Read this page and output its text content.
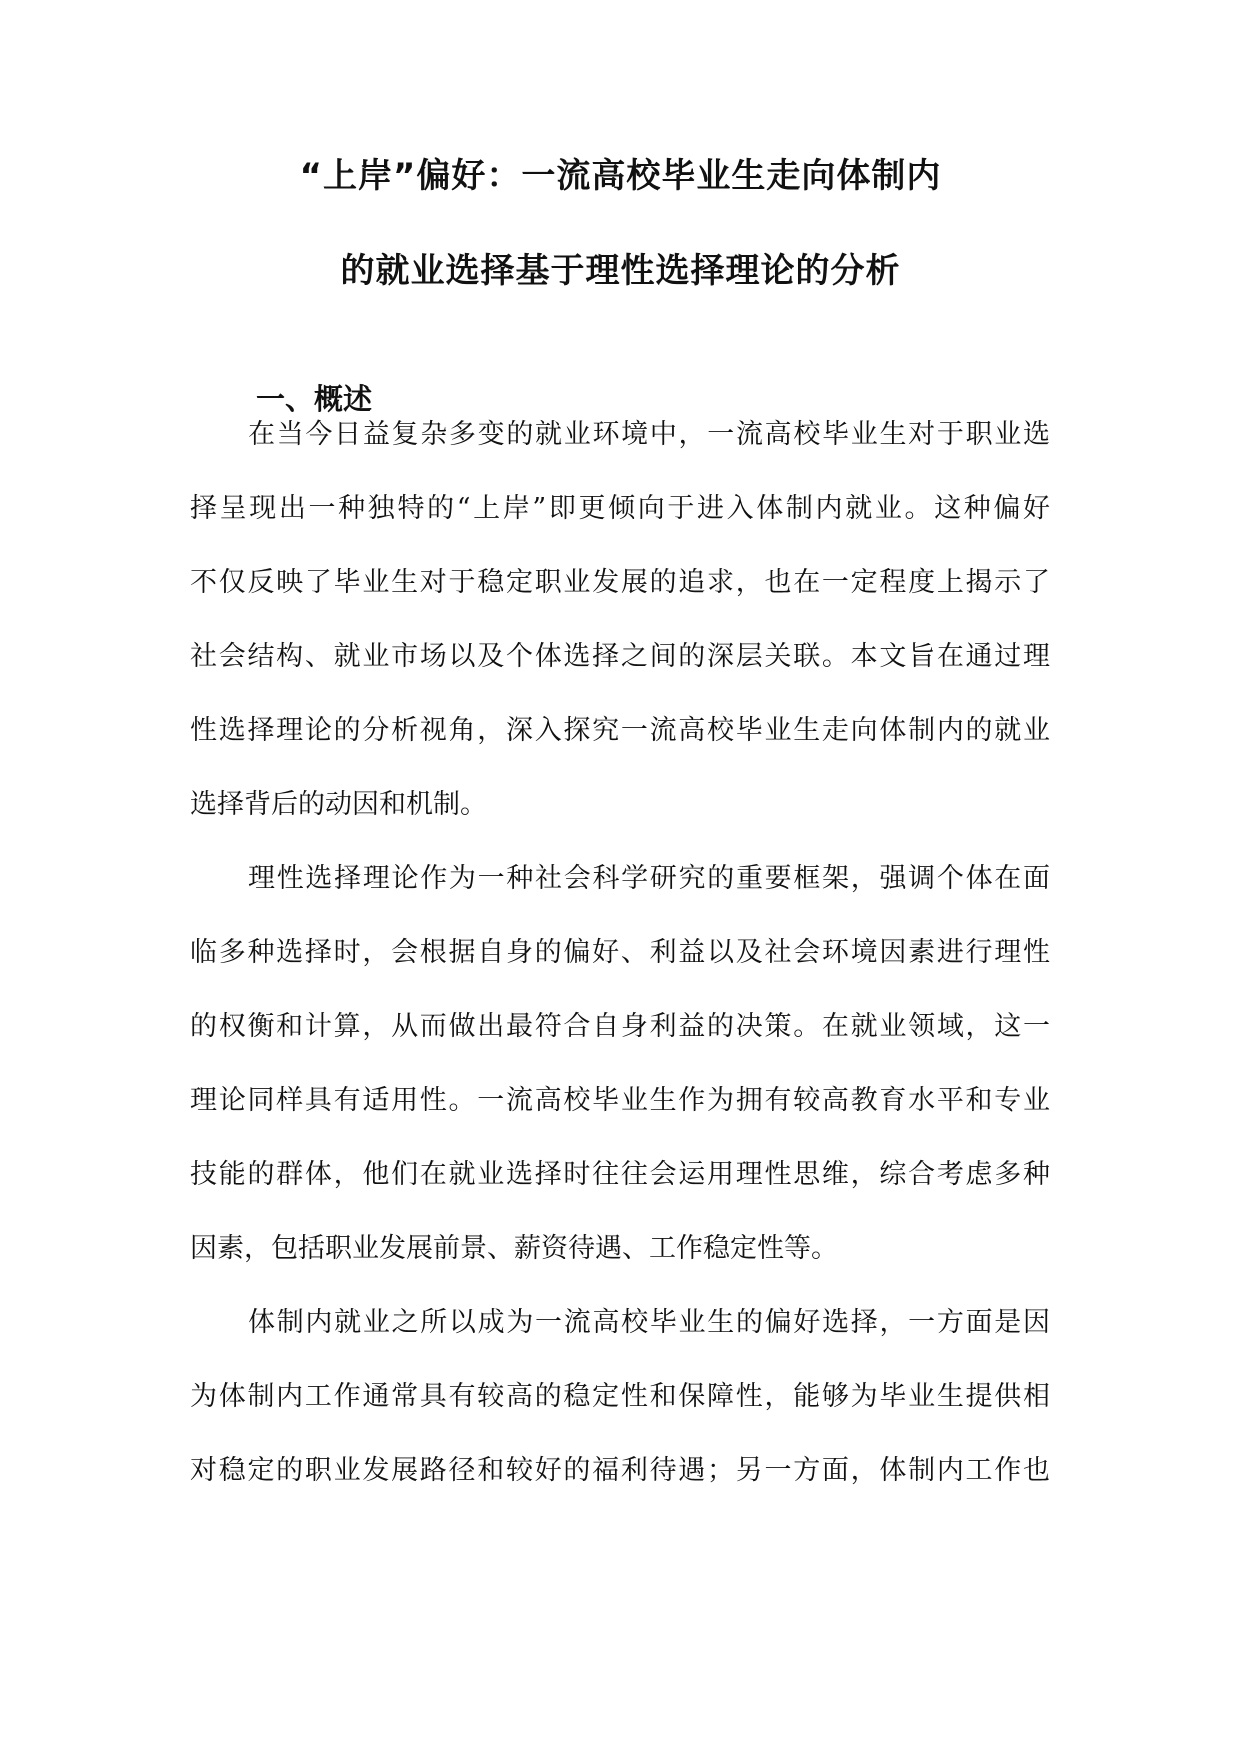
“上岸”偏好：一流高校毕业生走向体制内
的就业选择基于理性选择理论的分析
一、概述
在当今日益复杂多变的就业环境中，一流高校毕业生对于职业选
择呈现出一种独特的“上岸”即更倾向于进入体制内就业。这种偏好
不仅反映了毕业生对于稳定职业发展的追求，也在一定程度上揭示了
社会结构、就业市场以及个体选择之间的深层关联。本文旨在通过理
性选择理论的分析视角，深入探究一流高校毕业生走向体制内的就业
选择背后的动因和机制。
理性选择理论作为一种社会科学研究的重要框架，强调个体在面
临多种选择时，会根据自身的偏好、利益以及社会环境因素进行理性
的权衡和计算，从而做出最符合自身利益的决策。在就业领域，这一
理论同样具有适用性。一流高校毕业生作为拥有较高教育水平和专业
技能的群体，他们在就业选择时往往会运用理性思维，综合考虑多种
因素，包括职业发展前景、薪资待遇、工作稳定性等。
体制内就业之所以成为一流高校毕业生的偏好选择，一方面是因
为体制内工作通常具有较高的稳定性和保障性，能够为毕业生提供相
对稳定的职业发展路径和较好的福利待遇；另一方面，体制内工作也
